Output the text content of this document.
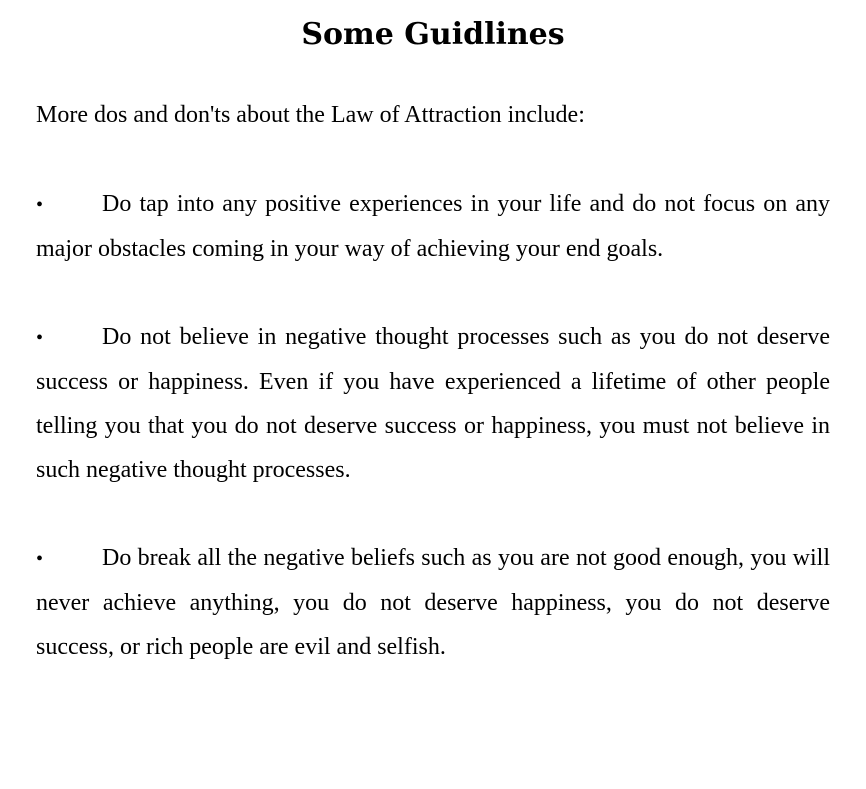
Some Guidlines

More dos and don'ts about the Law of Attraction include:

• Do tap into any positive experiences in your life and do not focus on any major obstacles coming in your way of achieving your end goals.
• Do not believe in negative thought processes such as you do not deserve success or happiness. Even if you have experienced a lifetime of other people telling you that you do not deserve success or happiness, you must not believe in such negative thought processes.
• Do break all the negative beliefs such as you are not good enough, you will never achieve anything, you do not deserve happiness, you do not deserve success, or rich people are evil and selfish.
